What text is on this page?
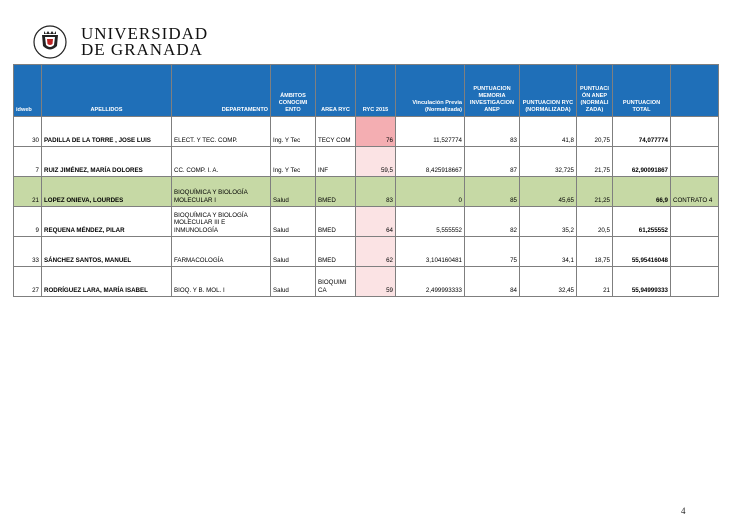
UNIVERSIDAD
DE GRANADA
idweb	APELLIDOS	DEPARTAMENTO	ÁMBITOS CONOCIMI ENTO	AREA RYC	RYC 2015	Vinculación Previa (Normalizada)	PUNTUACION MEMORIA INVESTIGACION ANEP	PUNTUACION RYC (NORMALIZADA)	PUNTUACI ÓN ANEP (NORMALI ZADA)	PUNTUACION TOTAL	
30	PADILLA DE LA TORRE , JOSE LUIS	ELECT. Y TEC. COMP.	Ing. Y Tec	TECY COM	76	11,527774	83	41,8	20,75	74,077774	
7	RUIZ JIMÉNEZ, MARÍA DOLORES	CC. COMP. I. A.	Ing. Y Tec	INF	59,5	8,425918667	87	32,725	21,75	62,90091867	
21	LOPEZ ONIEVA, LOURDES	BIOQUÍMICA Y BIOLOGÍA MOLECULAR I	Salud	BMED	83	0	85	45,65	21,25	66,9	CONTRATO 4
9	REQUENA MÉNDEZ, PILAR	BIOQUÍMICA Y BIOLOGÍA MOLECULAR III E INMUNOLOGÍA	Salud	BMED	64	5,555552	82	35,2	20,5	61,255552	
33	SÁNCHEZ SANTOS, MANUEL	FARMACOLOGÍA	Salud	BMED	62	3,104160481	75	34,1	18,75	55,95416048	
27	RODRÍGUEZ LARA, MARÍA ISABEL	BIOQ. Y B. MOL. I	Salud	BIOQUIMI CA	59	2,499993333	84	32,45	21	55,94999333	
4
